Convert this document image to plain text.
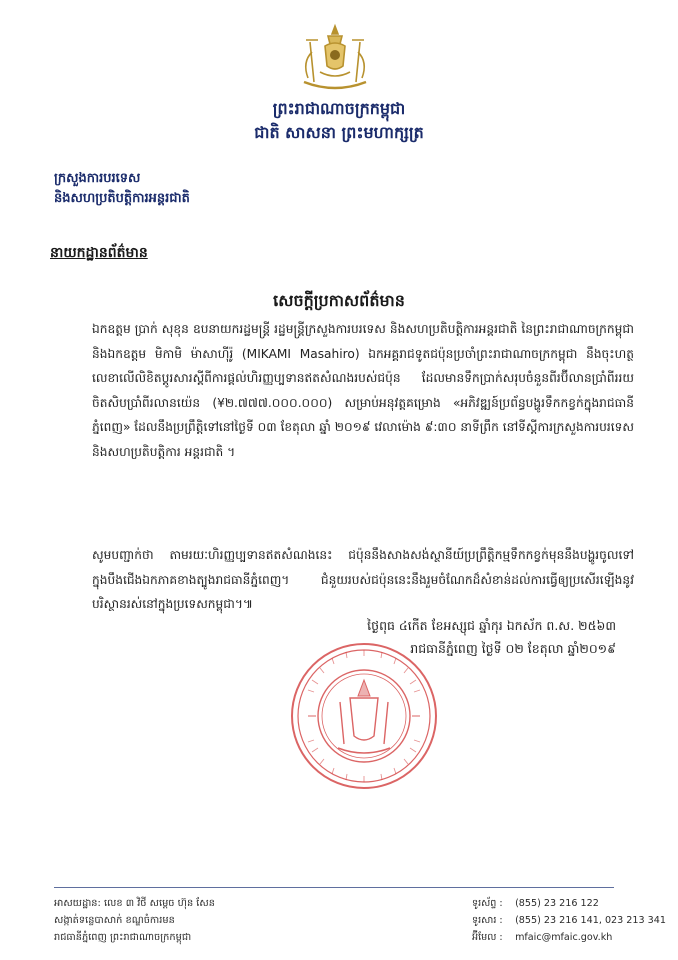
ព្រះរាជាណាចក្រកម្ពុជា
ជាតិ សាសនា ព្រះមហាក្សត្រ
ក្រសួងការបរទេស
និងសហប្រតិបត្តិការអន្តរជាតិ
នាយកដ្ឋានព័ត៌មាន
សេចក្តីប្រកាសព័ត៌មាន
ឯកឧត្តម ប្រាក់ សុខុន ឧបនាយករដ្ឋមន្ត្រី រដ្ឋមន្ត្រីក្រសួងការបរទេស និងសហប្រតិបត្តិការអន្តរជាតិ នៃព្រះរាជាណាចក្រកម្ពុជា និងឯកឧត្តម មិកាមិ ម៉ាសាហ៊ីរ៉ូ (MIKAMI Masahiro) ឯកអគ្គរាជទូតជប៉ុនប្រចាំព្រះរាជាណាចក្រកម្ពុជា នឹងចុះហត្ថលេខាលើលិខិតប្តូរសារស្តីពីការផ្តល់ហិរញ្ញប្បទានឥតសំណងរបស់ជប៉ុន ដែលមានទឹកប្រាក់សរុបចំនួនពីរប៊ីលានប្រាំពីររយចិតសិបប្រាំពីរលានយ៉េន (¥២.៧៧៧.០០០.០០០) សម្រាប់អនុវត្តគម្រោង «អភិវឌ្ឍន៍ប្រព័ន្ធបង្ហូរទឹកកខ្វក់ក្នុងរាជធានីភ្នំពេញ» ដែលនឹងប្រព្រឹត្តិទៅនៅថ្ងៃទី ០៣ ខែតុលា ឆ្នាំ ២០១៩ វេលាម៉ោង ៩:៣០ នាទីព្រឹក នៅទីស្តីការក្រសួងការបរទេស និងសហប្រតិបត្តិការ អន្តរជាតិ ។
សូមបញ្ជាក់ថា តាមរយៈហិរញ្ញប្បទានឥតសំណងនេះ ជប៉ុននឹងសាងសង់ស្ថានីយ៍ប្រព្រឹត្តិកម្មទឹកកខ្វក់មុននឹងបង្ហូរចូលទៅក្នុងបឹងជើងឯកភាគខាងត្បូងរាជធានីភ្នំពេញ។ ជំនួយរបស់ជប៉ុននេះនឹងរួមចំណែកដ៏សំខាន់ដល់ការធ្វើឲ្យប្រសើរឡើងនូវបរិស្ថានរស់នៅក្នុងប្រទេសកម្ពុជា។៕
ថ្ងៃពុធ ៤កើត ខែអស្សុជ ឆ្នាំកុរ ឯកស័ក ព.ស. ២៥៦៣
រាជធានីភ្នំពេញ ថ្ងៃទី ០២ ខែតុលា ឆ្នាំ២០១៩
អាសយដ្ឋាន: លេខ ៣ វិថី សម្ដេច ហ៊ុន សែន
សង្កាត់ទន្លេបាសាក់ ខណ្ឌចំការមន
រាជធានីភ្នំពេញ ព្រះរាជាណាចក្រកម្ពុជា
ទូរស័ព្ទ : (855) 23 216 122
ទូរសារ : (855) 23 216 141, 023 213 341
អ៊ីមែល : mfaic@mfaic.gov.kh
